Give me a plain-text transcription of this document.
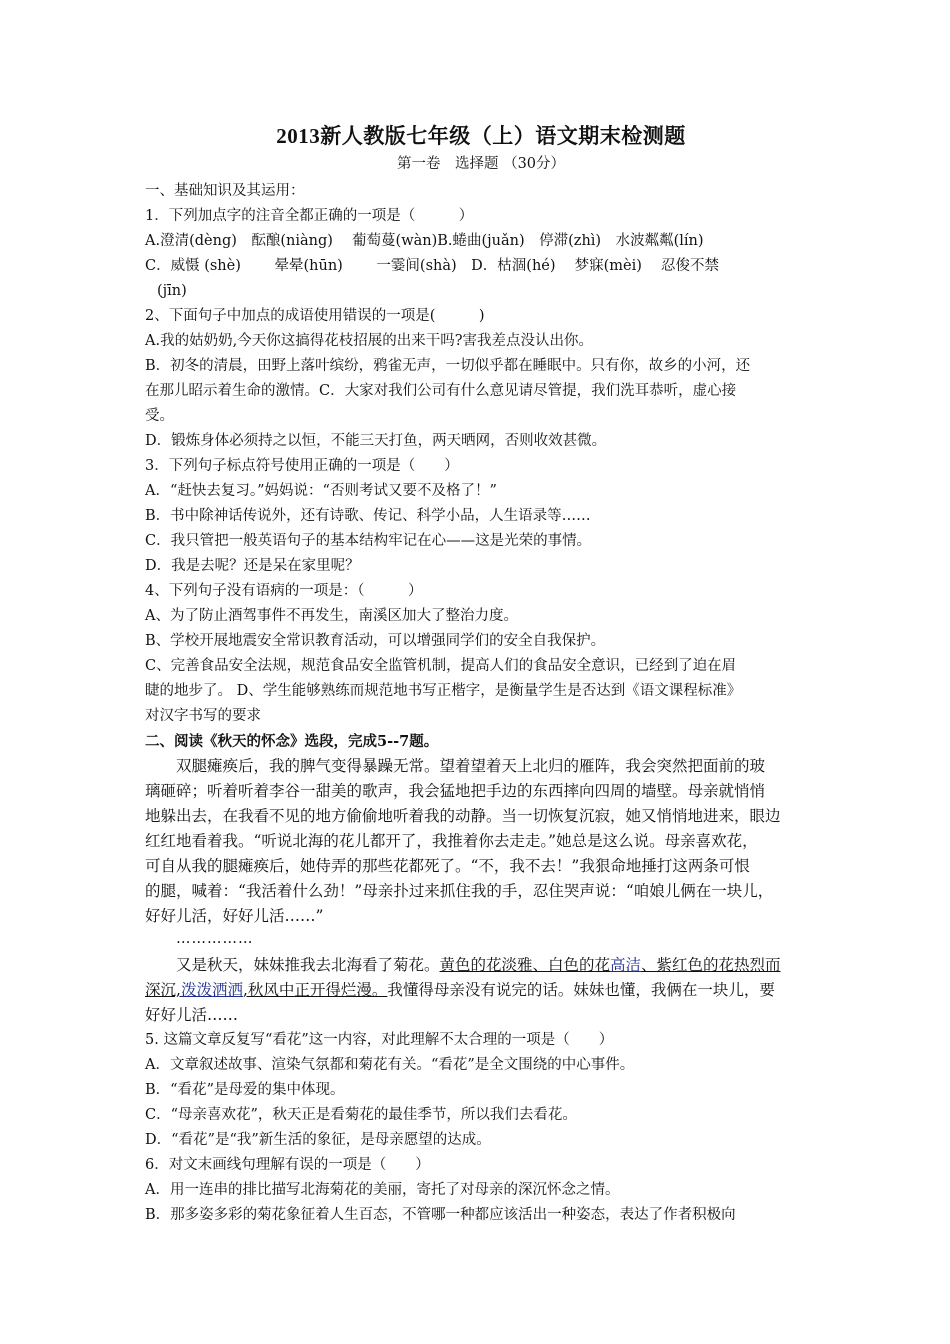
2013新人教版七年级（上）语文期末检测题

第一卷　选择题 （30分）

一、基础知识及其运用：

1．下列加点字的注音全都正确的一项是（　　　）

A.澄清(dèng)　酝酿(niàng)　 葡萄蔓(wàn)B.蜷曲(juǎn)　停滞(zhì)　水波粼粼(lín)

C．威慑 (shè)　　 晕晕(hūn)　　 一霎间(shà)　D．枯涸(hé)　 梦寐(mèi)　 忍俊不禁

(jīn)

2、下面句子中加点的成语使用错误的一项是(　　　)

A.我的姑奶奶,今天你这搞得花枝招展的出来干吗?害我差点没认出你。

B．初冬的清晨，田野上落叶缤纷，鸦雀无声，一切似乎都在睡眠中。只有你，故乡的小河，还

在那儿昭示着生命的激情。C．大家对我们公司有什么意见请尽管提，我们洗耳恭听，虚心接

受。

D．锻炼身体必须持之以恒，不能三天打鱼，两天晒网，否则收效甚微。

3．下列句子标点符号使用正确的一项是（　　）

A．“赶快去复习。”妈妈说：“否则考试又要不及格了！”

B．书中除神话传说外，还有诗歌、传记、科学小品，人生语录等……

C．我只管把一般英语句子的基本结构牢记在心——这是光荣的事情。

D．我是去呢？还是呆在家里呢？

4、下列句子没有语病的一项是：（　　　）

A、为了防止酒驾事件不再发生，南溪区加大了整治力度。

B、学校开展地震安全常识教育活动，可以增强同学们的安全自我保护。

C、完善食品安全法规，规范食品安全监管机制，提高人们的食品安全意识，已经到了迫在眉

睫的地步了。 D、学生能够熟练而规范地书写正楷字，是衡量学生是否达到《语文课程标准》

对汉字书写的要求

二、阅读《秋天的怀念》选段，完成5--7题。

双腿瘫痪后，我的脾气变得暴躁无常。望着望着天上北归的雁阵，我会突然把面前的玻

璃砸碎；听着听着李谷一甜美的歌声，我会猛地把手边的东西摔向四周的墙壁。母亲就悄悄

地躲出去，在我看不见的地方偷偷地听着我的动静。当一切恢复沉寂，她又悄悄地进来，眼边

红红地看着我。“听说北海的花儿都开了，我推着你去走走。”她总是这么说。母亲喜欢花，

可自从我的腿瘫痪后，她侍弄的那些花都死了。“不，我不去！”我狠命地捶打这两条可恨

的腿，喊着：“我活着什么劲！”母亲扑过来抓住我的手，忍住哭声说：“咱娘儿俩在一块儿，

好好儿活，好好儿活……”

……………

又是秋天，妹妹推我去北海看了菊花。黄色的花淡雅、白色的花高洁、紫红色的花热烈而

深沉,泼泼洒洒,秋风中正开得烂漫。我懂得母亲没有说完的话。妹妹也懂，我俩在一块儿，要

好好儿活……

5. 这篇文章反复写“看花”这一内容，对此理解不太合理的一项是（　　）

A．文章叙述故事、渲染气氛都和菊花有关。“看花”是全文围绕的中心事件。

B．“看花”是母爱的集中体现。

C．“母亲喜欢花”，秋天正是看菊花的最佳季节，所以我们去看花。

D．“看花”是“我”新生活的象征，是母亲愿望的达成。

6．对文末画线句理解有误的一项是（　　）

A．用一连串的排比描写北海菊花的美丽，寄托了对母亲的深沉怀念之情。

B．那多姿多彩的菊花象征着人生百态，不管哪一种都应该活出一种姿态，表达了作者积极向
